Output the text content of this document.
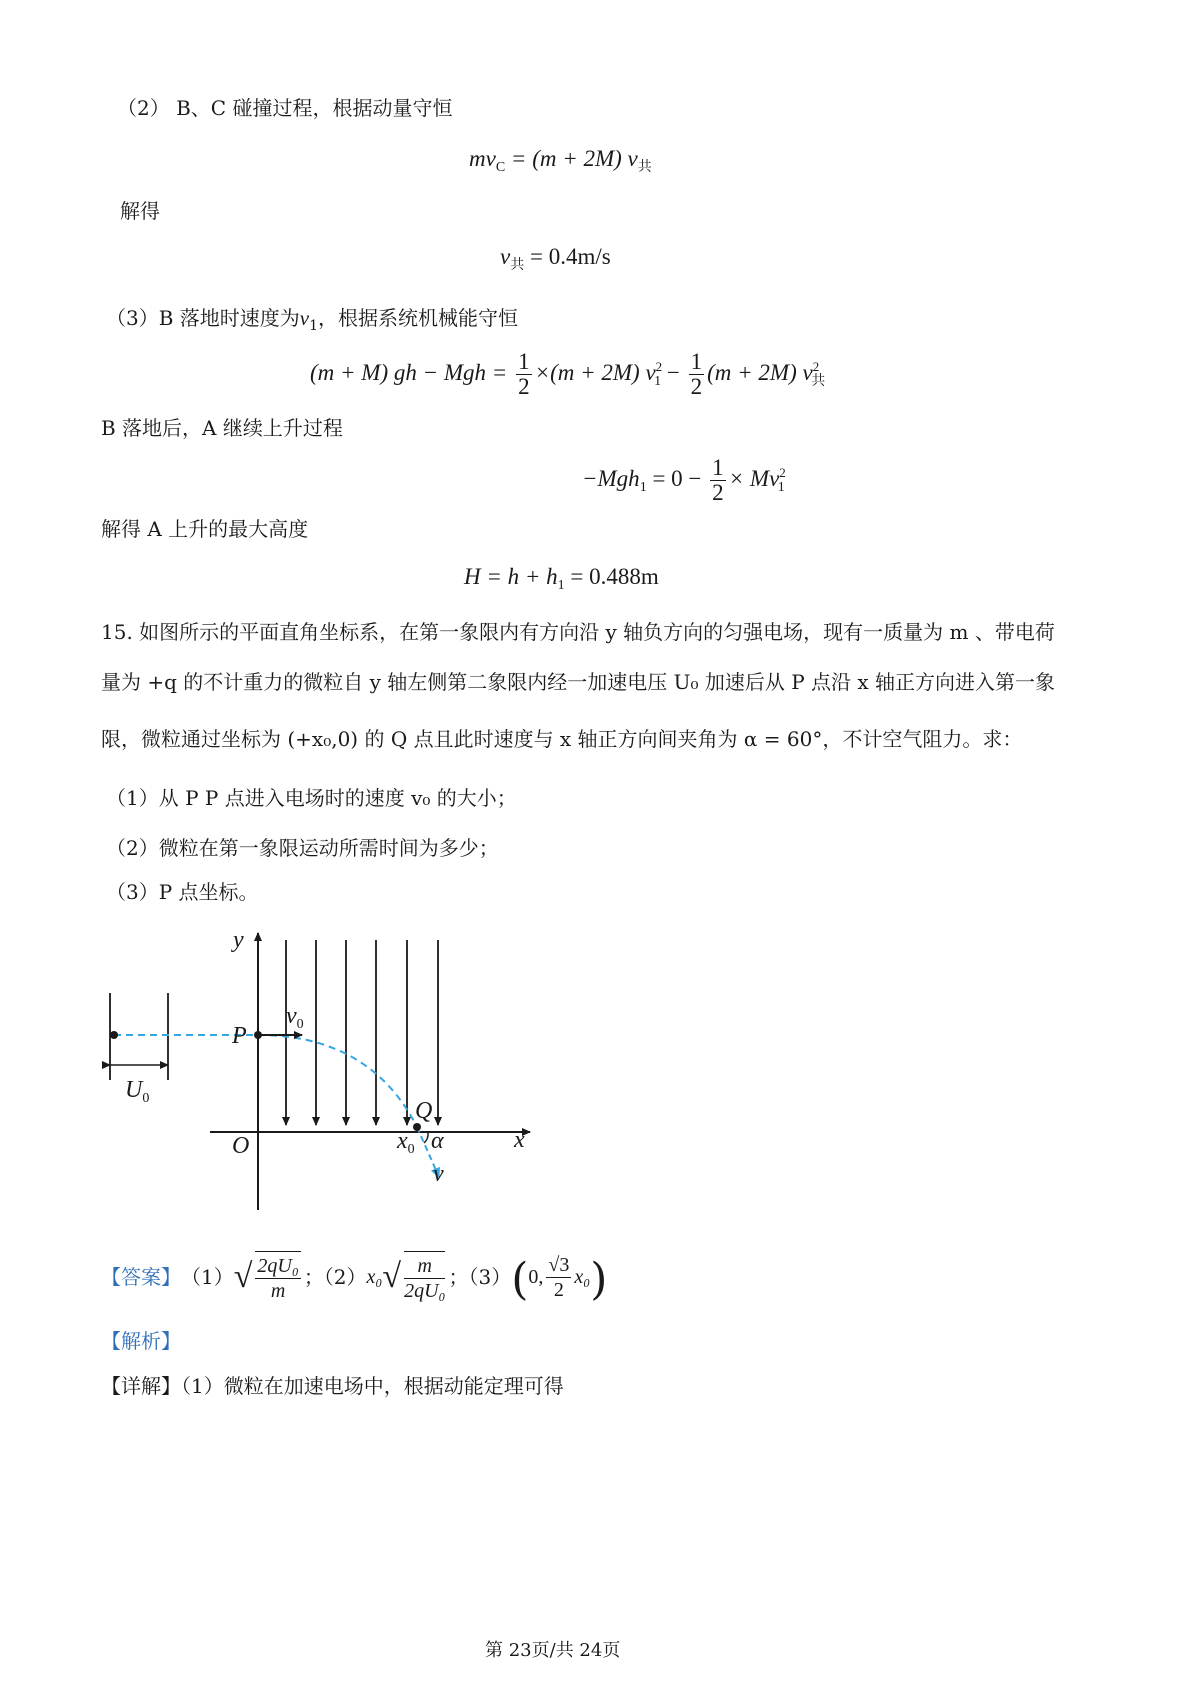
（2） B、C 碰撞过程，根据动量守恒
$mv_C = (m + 2M)$ $v_共$
解得
$v_共 = 0.4m/s$
（3）B 落地时速度为$v_1$，根据系统机械能守恒
(m + M) gh − Mgh = $\frac{1}{2} \times(m + 2M) v^2_1 - \frac{1}{2} (m + 2M)$ $v^2_共$
B 落地后，A 继续上升过程
$-Mgh_1 = 0 - \frac{1}{2} \times Mv^2_1$
解得 A 上升的最大高度
$H = h + h_1 = 0.488m$
15. 如图所示的平面直角坐标系，在第一象限内有方向沿 y 轴负方向的匀强电场，现有一质量为 m 、带电荷
量为 +q 的不计重力的微粒自 y 轴左侧第二象限内经一加速电压 U₀ 加速后从 P 点沿 x 轴正方向进入第一象
限，微粒通过坐标为 (+x₀,0) 的 Q 点且此时速度与 x 轴正方向间夹角为 α = 60°，不计空气阻力。求：
（1）从 P P 点进入电场时的速度 v₀ 的大小；
（2）微粒在第一象限运动所需时间为多少；
（3）P 点坐标。
y
x
O
P
$v_0$
Q
$x_0$ α
v
$U_0$
【答案】 （1） √ $\frac{\text{2qU₀}}{m}$ ；（2） x₀ √ $\frac{m}{\text{2qU₀}}$ ；（3） ( 0, $\frac{√3}{2} x_0$ )
【解析】
【详解】（1）微粒在加速电场中，根据动能定理可得
第 23页/共 24页
